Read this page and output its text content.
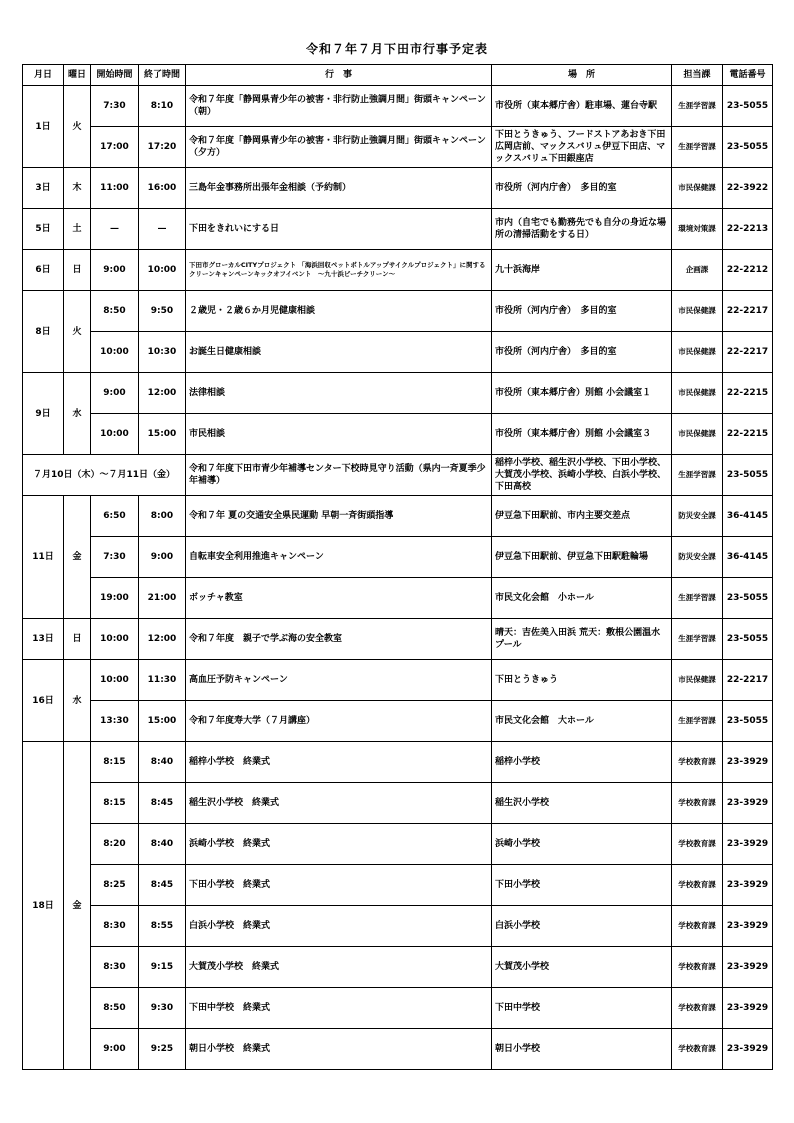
令和７年７月下田市行事予定表
月日	曜日	開始時間	終了時間	行　事	場　所	担当課	電話番号
1日	火	7:30	8:10	令和７年度「静岡県青少年の被害・非行防止強調月間」街頭キャンペーン（朝）	市役所（東本郷庁舎）駐車場、蓮台寺駅	生涯学習課	23-5055
		17:00	17:20	令和７年度「静岡県青少年の被害・非行防止強調月間」街頭キャンペーン（夕方）	下田とうきゅう、フードストアあおき下田広岡店前、マックスバリュ伊豆下田店、マックスバリュ下田銀座店	生涯学習課	23-5055
3日	木	11:00	16:00	三島年金事務所出張年金相談（予約制）	市役所（河内庁舎）　多目的室	市民保健課	22-3922
5日	土	—	—	下田をきれいにする日	市内（自宅でも勤務先でも自分の身近な場所の清掃活動をする日）	環境対策課	22-2213
6日	日	9:00	10:00	下田市グローカルCITYプロジェクト 「海浜回収ペットボトルアップサイクルプロジェクト」に関するクリーンキャンペーンキックオフイベント　～九十浜ビーチクリーン～	九十浜海岸	企画課	22-2212
8日	火	8:50	9:50	２歳児・２歳６か月児健康相談	市役所（河内庁舎）　多目的室	市民保健課	22-2217
		10:00	10:30	お誕生日健康相談	市役所（河内庁舎）　多目的室	市民保健課	22-2217
9日	水	9:00	12:00	法律相談	市役所（東本郷庁舎）別館 小会議室１	市民保健課	22-2215
		10:00	15:00	市民相談	市役所（東本郷庁舎）別館 小会議室３	市民保健課	22-2215
７月10日（木）～７月11日（金）				令和７年度下田市青少年補導センター下校時見守り活動（県内一斉夏季少年補導）	稲梓小学校、稲生沢小学校、下田小学校、大賀茂小学校、浜崎小学校、白浜小学校、下田高校	生涯学習課	23-5055
11日	金	6:50	8:00	令和７年 夏の交通安全県民運動 早朝一斉街頭指導	伊豆急下田駅前、市内主要交差点	防災安全課	36-4145
		7:30	9:00	自転車安全利用推進キャンペーン	伊豆急下田駅前、伊豆急下田駅駐輪場	防災安全課	36-4145
		19:00	21:00	ボッチャ教室	市民文化会館　小ホール	生涯学習課	23-5055
13日	日	10:00	12:00	令和７年度　親子で学ぶ海の安全教室	晴天：吉佐美入田浜 荒天：敷根公園温水プール	生涯学習課	23-5055
16日	水	10:00	11:30	高血圧予防キャンペーン	下田とうきゅう	市民保健課	22-2217
		13:30	15:00	令和７年度寿大学（７月講座）	市民文化会館　大ホール	生涯学習課	23-5055
18日	金	8:15	8:40	稲梓小学校　終業式	稲梓小学校	学校教育課	23-3929
		8:15	8:45	稲生沢小学校　終業式	稲生沢小学校	学校教育課	23-3929
		8:20	8:40	浜崎小学校　終業式	浜崎小学校	学校教育課	23-3929
		8:25	8:45	下田小学校　終業式	下田小学校	学校教育課	23-3929
		8:30	8:55	白浜小学校　終業式	白浜小学校	学校教育課	23-3929
		8:30	9:15	大賀茂小学校　終業式	大賀茂小学校	学校教育課	23-3929
		8:50	9:30	下田中学校　終業式	下田中学校	学校教育課	23-3929
		9:00	9:25	朝日小学校　終業式	朝日小学校	学校教育課	23-3929
